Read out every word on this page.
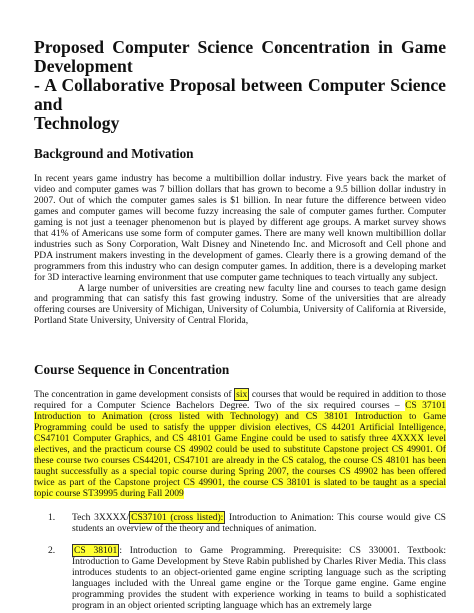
Proposed Computer Science Concentration in Game Development
- A Collaborative Proposal between Computer Science and
Technology
Background and Motivation

In recent years game industry has become a multibillion dollar industry. Five years back the market of video and computer games was 7 billion dollars that has grown to become a 9.5 billion dollar industry in 2007. Out of which the computer games sales is $1 billion. In near future the difference between video games and computer games will become fuzzy increasing the sale of computer games further. Computer gaming is not just a teenager phenomenon but is played by different age groups. A market survey shows that 41% of Americans use some form of computer games. There are many well known multibillion dollar industries such as Sony Corporation, Walt Disney and Ninetendo Inc. and Microsoft and Cell phone and PDA instrument makers investing in the development of games. Clearly there is a growing demand of the programmers from this industry who can design computer games. In addition, there is a developing market for 3D interactive learning environment that use computer game techniques to teach virtually any subject.

A large number of universities are creating new faculty line and courses to teach game design and programming that can satisfy this fast growing industry. Some of the universities that are already offering courses are University of Michigan, University of Columbia, University of California at Riverside, Portland State University, University of Central Florida,

Course Sequence in Concentration

The concentration in game development consists of six courses that would be required in addition to those required for a Computer Science Bachelors Degree. Two of the six required courses – CS 37101 Introduction to Animation (cross listed with Technology) and CS 38101 Introduction to Game Programming could be used to satisfy the uppper division electives, CS 44201 Artificial Intelligence, CS47101 Computer Graphics, and CS 48101 Game Engine could be used to satisfy three 4XXXX level electives, and the practicum course CS 49902 could be used to substitute Capstone project CS 49901. Of these course two courses CS44201, CS47101 are already in the CS catalog, the course CS 48101 has been taught successfully as a special topic course during Spring 2007, the courses CS 49902 has been offered twice as part of the Capstone project CS 49901, the course CS 38101 is slated to be taught as a special topic course ST39995 during Fall 2009

1. Tech 3XXXX/ CS37101 (cross listed): Introduction to Animation: This course would give CS students an overview of the theory and techniques of animation.
2. CS 38101 : Introduction to Game Programming. Prerequisite: CS 330001. Textbook: Introduction to Game Development by Steve Rabin published by Charles River Media. This class introduces students to an object-oriented game engine scripting language such as the scripting languages included with the Unreal game engine or the Torque game engine. Game engine programming provides the student with experience working in teams to build a sophisticated program in an object oriented scripting language which has an extremely large
